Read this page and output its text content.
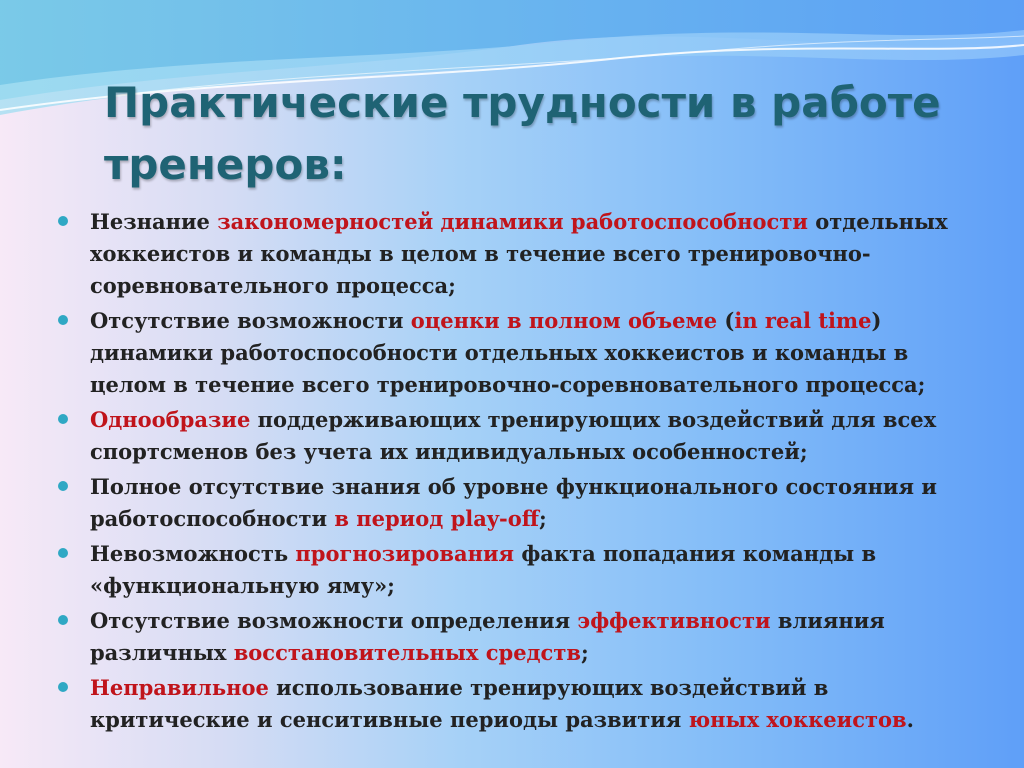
Практические трудности в работе тренеров:
Незнание закономерностей динамики работоспособности отдельных хоккеистов и команды в целом в течение всего тренировочно-соревновательного процесса;
Отсутствие возможности оценки в полном объеме (in real time) динамики работоспособности отдельных хоккеистов и команды в целом в течение всего тренировочно-соревновательного процесса;
Однообразие поддерживающих тренирующих воздействий для всех спортсменов без учета их индивидуальных особенностей;
Полное отсутствие знания об уровне функционального состояния и работоспособности в период play-off;
Невозможность прогнозирования факта попадания команды в «функциональную яму»;
Отсутствие возможности определения эффективности влияния различных восстановительных средств;
Неправильное использование тренирующих воздействий в критические и сенситивные периоды развития юных хоккеистов.
